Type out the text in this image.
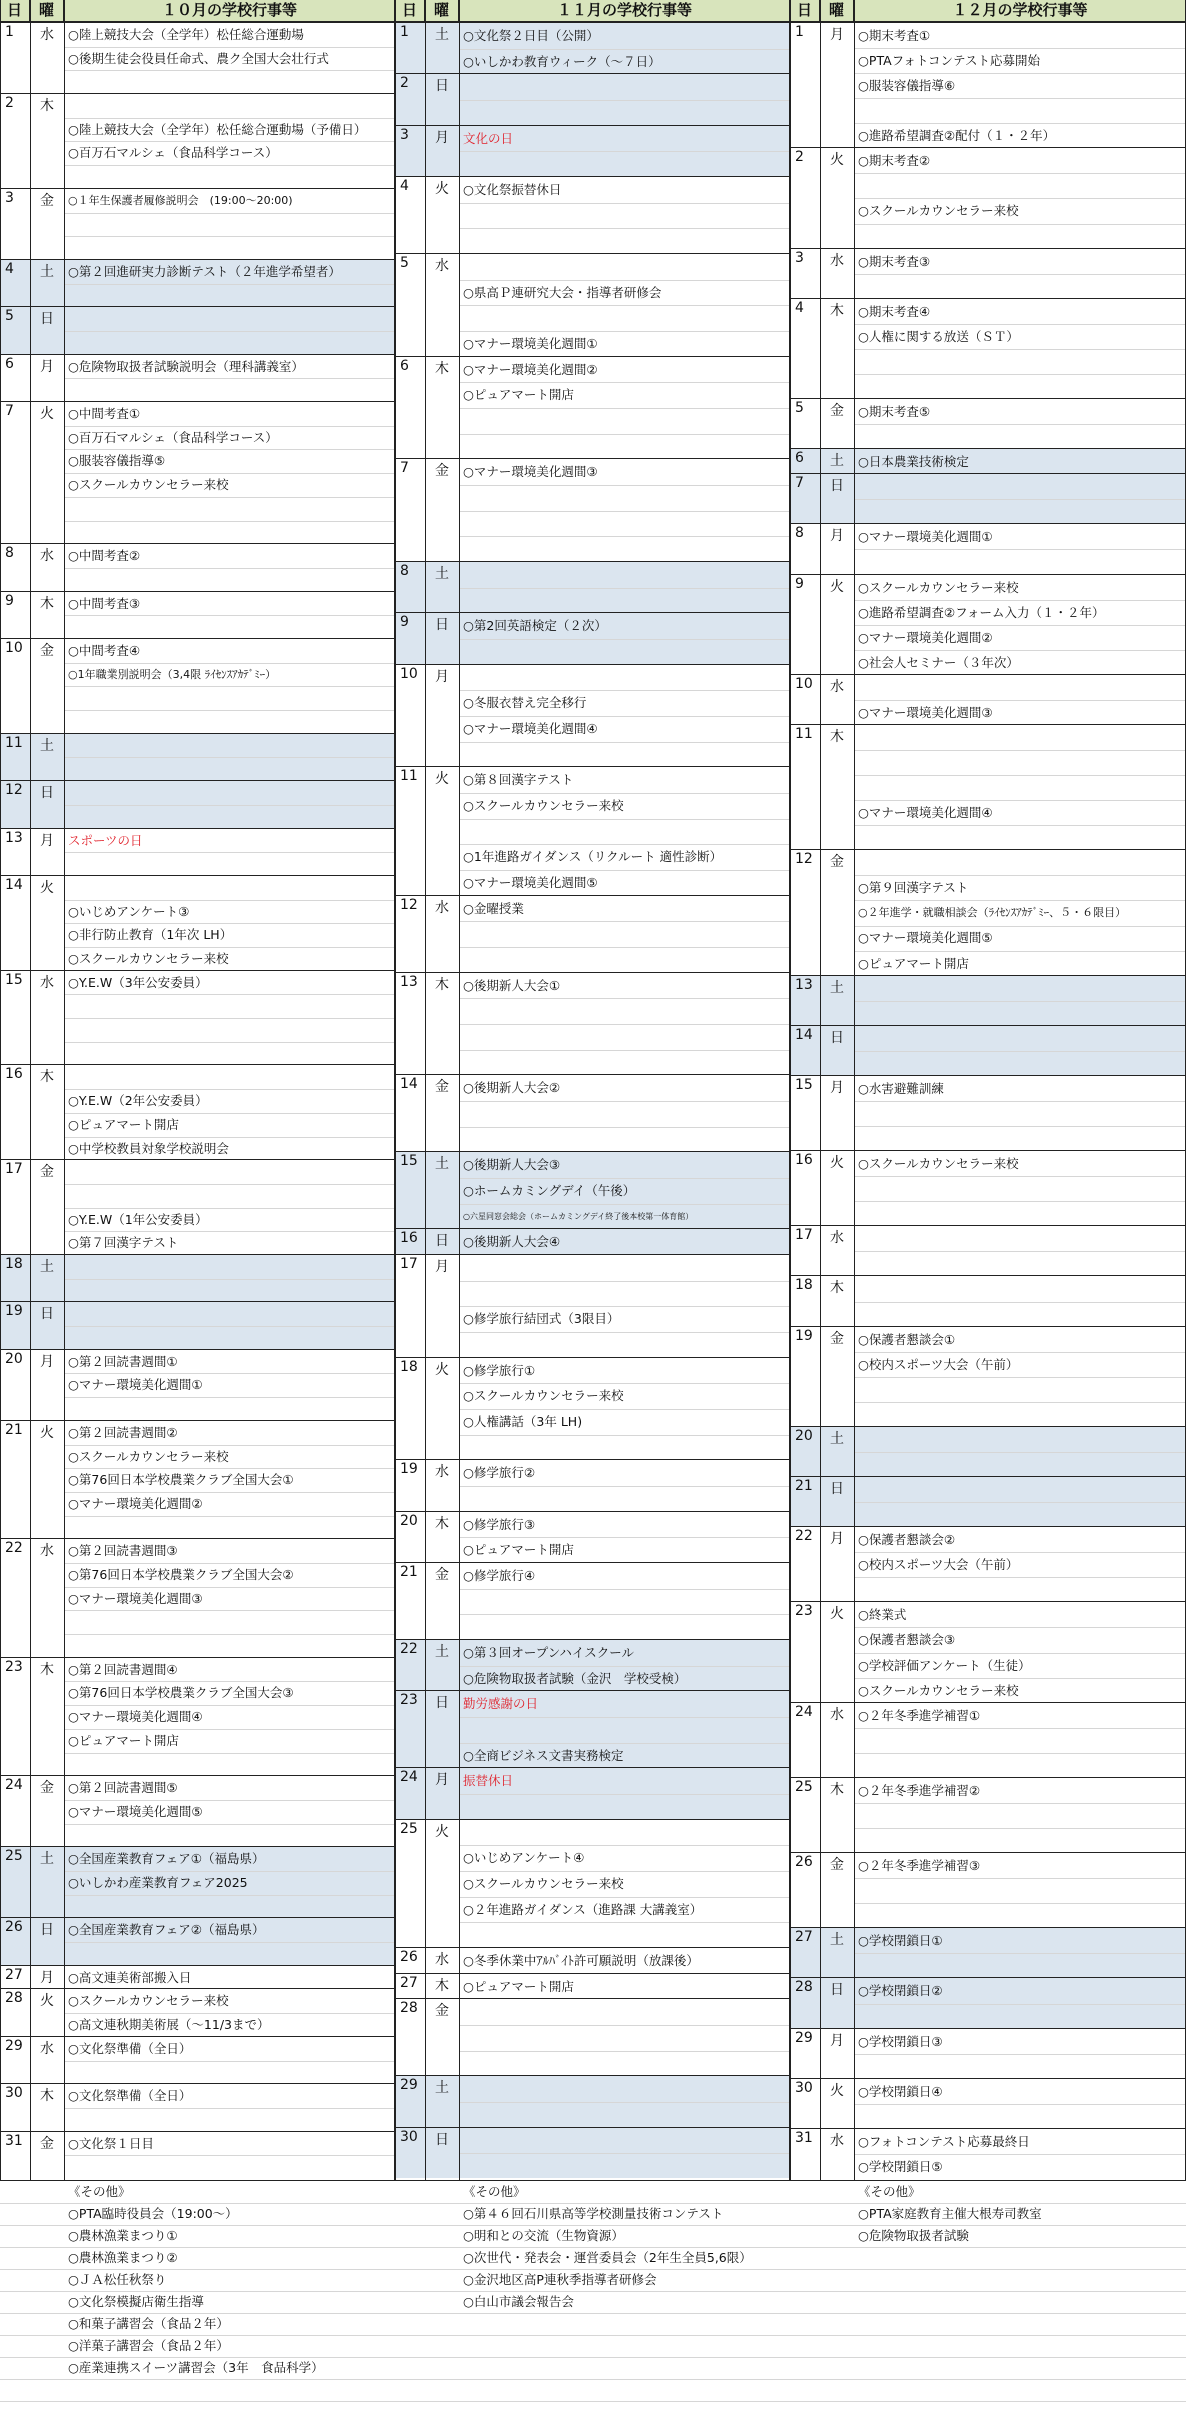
日	曜	１０月の学校行事等
1	水	○陸上競技大会（全学年）松任総合運動場
○後期生徒会役員任命式、農ク全国大会壮行式
2	木
○陸上競技大会（全学年）松任総合運動場（予備日）
○百万石マルシェ（食品科学コース）
3	金	○１年生保護者履修説明会　(19:00～20:00)
4	土	○第２回進研実力診断テスト（２年進学希望者）
5	日
6	月	○危険物取扱者試験説明会（理科講義室）
7	火	○中間考査①
○百万石マルシェ（食品科学コース）
○服装容儀指導⑤
○スクールカウンセラー来校
8	水	○中間考査②
9	木	○中間考査③
10	金	○中間考査④
○1年職業別説明会（3,4限 ﾗｲｾﾝｽｱｶﾃﾞﾐｰ）
11	土
12	日
13	月	スポーツの日
14	火
○いじめアンケート③
○非行防止教育（1年次 LH）
○スクールカウンセラー来校
15	水	○Y.E.W（3年公安委員）
16	木
○Y.E.W（2年公安委員）
○ピュアマート開店
○中学校教員対象学校説明会
17	金
○Y.E.W（1年公安委員）
○第７回漢字テスト
18	土
19	日
20	月	○第２回読書週間①
○マナー環境美化週間①
21	火	○第２回読書週間②
○スクールカウンセラー来校
○第76回日本学校農業クラブ全国大会①
○マナー環境美化週間②
22	水	○第２回読書週間③
○第76回日本学校農業クラブ全国大会②
○マナー環境美化週間③
23	木	○第２回読書週間④
○第76回日本学校農業クラブ全国大会③
○マナー環境美化週間④
○ピュアマート開店
24	金	○第２回読書週間⑤
○マナー環境美化週間⑤
25	土	○全国産業教育フェア①（福島県）
○いしかわ産業教育フェア2025
26	日	○全国産業教育フェア②（福島県）
27	月	○高文連美術部搬入日
28	火	○スクールカウンセラー来校
○高文連秋期美術展（～11/3まで）
29	水	○文化祭準備（全日）
30	木	○文化祭準備（全日）
31	金	○文化祭１日目
日	曜	１１月の学校行事等
1	土	○文化祭２日目（公開）
○いしかわ教育ウィーク（～７日）
2	日
3	月	文化の日
4	火	○文化祭振替休日
5	水
○県高Ｐ連研究大会・指導者研修会
○マナー環境美化週間①
6	木	○マナー環境美化週間②
○ピュアマート開店
7	金	○マナー環境美化週間③
8	土
9	日	○第2回英語検定（２次）
10	月
○冬服衣替え完全移行
○マナー環境美化週間④
11	火	○第８回漢字テスト
○スクールカウンセラー来校
○1年進路ガイダンス（リクルート 適性診断）
○マナー環境美化週間⑤
12	水	○金曜授業
13	木	○後期新人大会①
14	金	○後期新人大会②
15	土	○後期新人大会③
○ホームカミングデイ（午後）
○六星同窓会総会（ホームカミングデイ終了後本校第一体育館）
16	日	○後期新人大会④
17	月
○修学旅行結団式（3限目）
18	火	○修学旅行①
○スクールカウンセラー来校
○人権講話（3年 LH)
19	水	○修学旅行②
20	木	○修学旅行③
○ピュアマート開店
21	金	○修学旅行④
22	土	○第３回オープンハイスクール
○危険物取扱者試験（金沢　学校受検）
23	日	勤労感謝の日
○全商ビジネス文書実務検定
24	月	振替休日
25	火
○いじめアンケート④
○スクールカウンセラー来校
○２年進路ガイダンス（進路課 大講義室）
26	水	○冬季休業中ｱﾙﾊﾞｲﾄ許可願説明（放課後）
27	木	○ピュアマート開店
28	金
29	土
30	日
日	曜	１２月の学校行事等
1	月	○期末考査①
○PTAフォトコンテスト応募開始
○服装容儀指導⑥
○進路希望調査②配付（１・２年）
2	火	○期末考査②
○スクールカウンセラー来校
3	水	○期末考査③
4	木	○期末考査④
○人権に関する放送（ＳＴ）
5	金	○期末考査⑤
6	土	○日本農業技術検定
7	日
8	月	○マナー環境美化週間①
9	火	○スクールカウンセラー来校
○進路希望調査②フォーム入力（１・２年）
○マナー環境美化週間②
○社会人セミナー（３年次）
10	水
○マナー環境美化週間③
11	木
○マナー環境美化週間④
12	金
○第９回漢字テスト
○２年進学・就職相談会（ﾗｲｾﾝｽｱｶﾃﾞﾐｰ、５・６限目）
○マナー環境美化週間⑤
○ピュアマート開店
13	土
14	日
15	月	○水害避難訓練
16	火	○スクールカウンセラー来校
17	水
18	木
19	金	○保護者懇談会①
○校内スポーツ大会（午前）
20	土
21	日
22	月	○保護者懇談会②
○校内スポーツ大会（午前）
23	火	○終業式
○保護者懇談会③
○学校評価アンケート（生徒）
○スクールカウンセラー来校
24	水	○２年冬季進学補習①
25	木	○２年冬季進学補習②
26	金	○２年冬季進学補習③
27	土	○学校閉鎖日①
28	日	○学校閉鎖日②
29	月	○学校閉鎖日③
30	火	○学校閉鎖日④
31	水	○フォトコンテスト応募最終日
○学校閉鎖日⑤
《その他》
○PTA臨時役員会（19:00～）
○農林漁業まつり①
○農林漁業まつり②
○ＪＡ松任秋祭り
○文化祭模擬店衛生指導
○和菓子講習会（食品２年）
○洋菓子講習会（食品２年）
○産業連携スイーツ講習会（3年　食品科学）
《その他》
○第４６回石川県高等学校測量技術コンテスト
○明和との交流（生物資源）
○次世代・発表会・運営委員会（2年生全員5,6限）
○金沢地区高P連秋季指導者研修会
○白山市議会報告会
《その他》
○PTA家庭教育主催大根寿司教室
○危険物取扱者試験
